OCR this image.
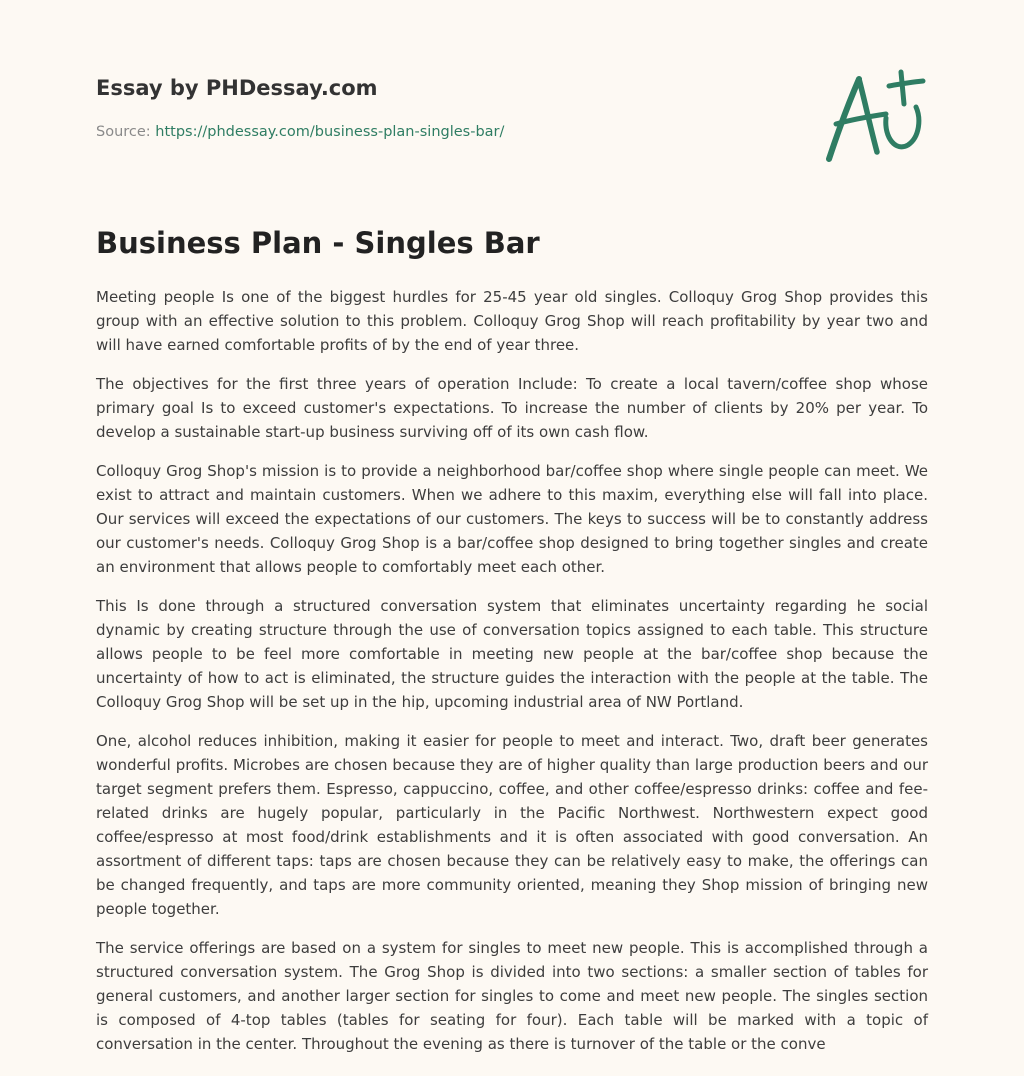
Essay by PHDessay.com
Source: https://phdessay.com/business-plan-singles-bar/
Business Plan - Singles Bar

Meeting people Is one of the biggest hurdles for 25-45 year old singles. Colloquy Grog Shop provides this group with an effective solution to this problem. Colloquy Grog Shop will reach profitability by year two and will have earned comfortable profits of by the end of year three.

The objectives for the first three years of operation Include: To create a local tavern/coffee shop whose primary goal Is to exceed customer's expectations. To increase the number of clients by 20% per year. To develop a sustainable start-up business surviving off of its own cash flow.

Colloquy Grog Shop's mission is to provide a neighborhood bar/coffee shop where single people can meet. We exist to attract and maintain customers. When we adhere to this maxim, everything else will fall into place. Our services will exceed the expectations of our customers. The keys to success will be to constantly address our customer's needs. Colloquy Grog Shop is a bar/coffee shop designed to bring together singles and create an environment that allows people to comfortably meet each other.

This Is done through a structured conversation system that eliminates uncertainty regarding he social dynamic by creating structure through the use of conversation topics assigned to each table. This structure allows people to be feel more comfortable in meeting new people at the bar/coffee shop because the uncertainty of how to act is eliminated, the structure guides the interaction with the people at the table. The Colloquy Grog Shop will be set up in the hip, upcoming industrial area of NW Portland.

One, alcohol reduces inhibition, making it easier for people to meet and interact. Two, draft beer generates wonderful profits. Microbes are chosen because they are of higher quality than large production beers and our target segment prefers them. Espresso, cappuccino, coffee, and other coffee/espresso drinks: coffee and fee-related drinks are hugely popular, particularly in the Pacific Northwest. Northwestern expect good coffee/espresso at most food/drink establishments and it is often associated with good conversation. An assortment of different taps: taps are chosen because they can be relatively easy to make, the offerings can be changed frequently, and taps are more community oriented, meaning they Shop mission of bringing new people together.

The service offerings are based on a system for singles to meet new people. This is accomplished through a structured conversation system. The Grog Shop is divided into two sections: a smaller section of tables for general customers, and another larger section for singles to come and meet new people. The singles section is composed of 4-top tables (tables for seating for four). Each table will be marked with a topic of conversation in the center. Throughout the evening as there is turnover of the table or the conve
